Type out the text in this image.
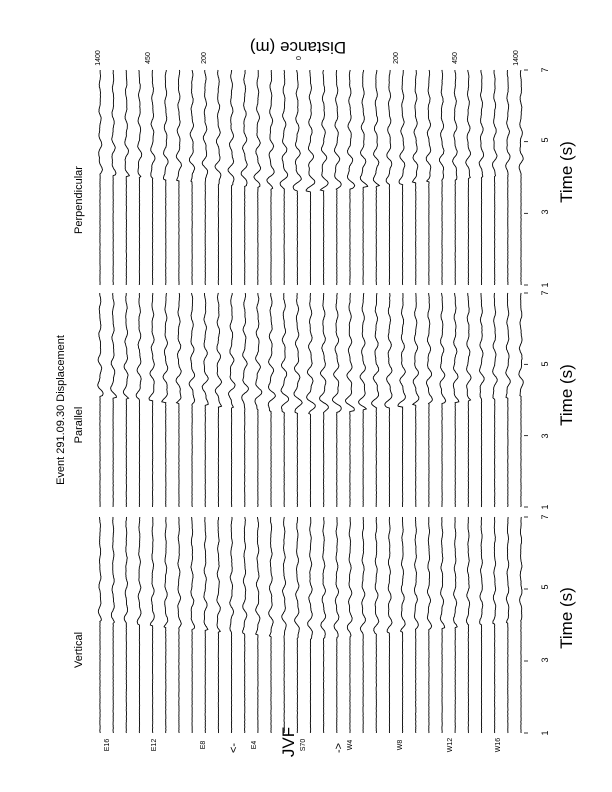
Event 291.09.30 Displacement
Vertical
Parallel
Perpendicular
Time (s)
Time (s)
Time (s)
1
3
5
7
1
3
5
7
1
3
5
7
E16	E12	E8	E4	S70	W4	W8	W12	W16
<- JVF	->
1400	450	200	0	200	450	1400
Distance (m)
